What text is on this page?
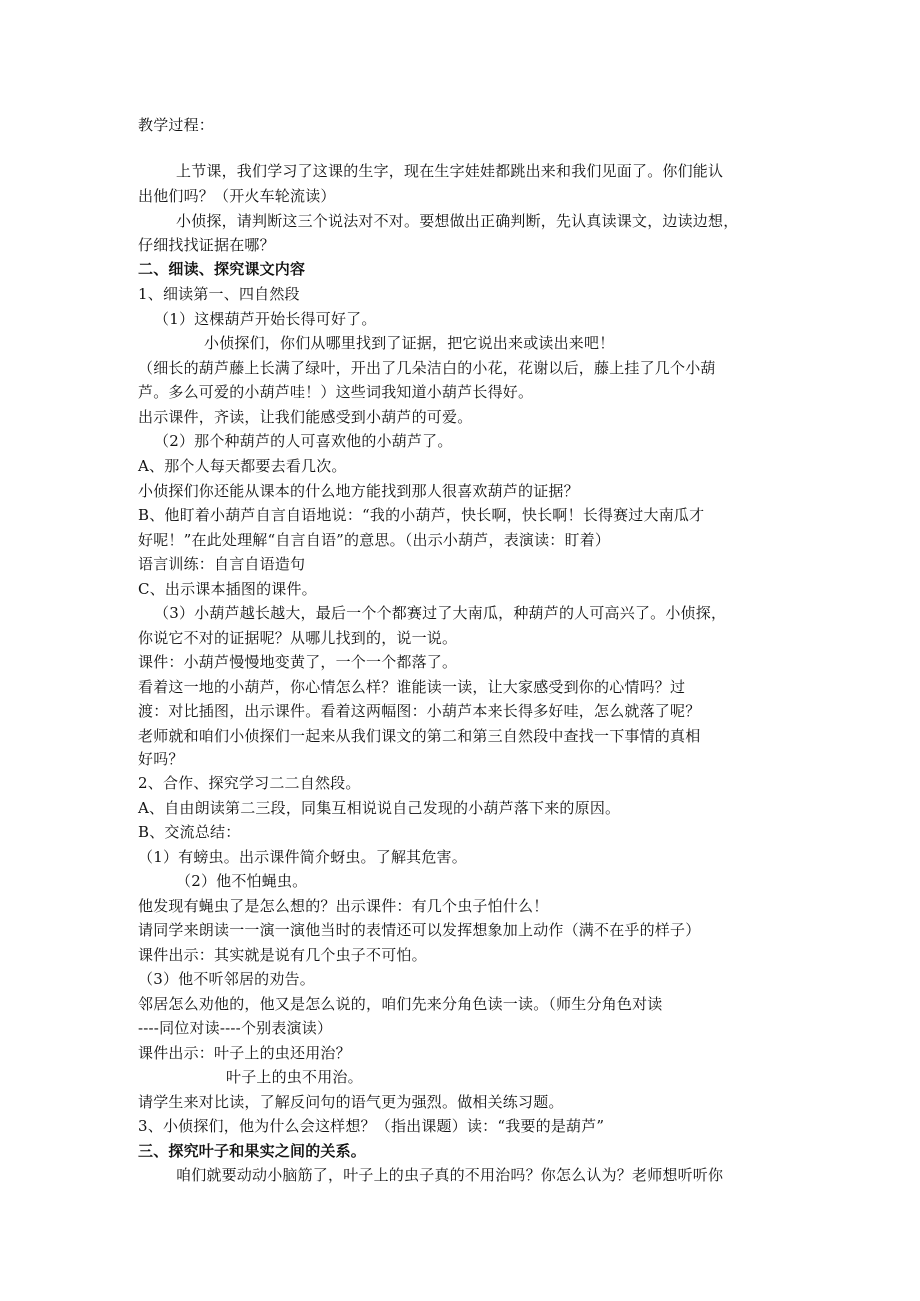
教学过程：
上节课，我们学习了这课的生字，现在生字娃娃都跳出来和我们见面了。你们能认
出他们吗？（开火车轮流读）
小侦探，请判断这三个说法对不对。要想做出正确判断，先认真读课文，边读边想，
仔细找找证据在哪？
二、细读、探究课文内容
1、细读第一、四自然段
（1）这棵葫芦开始长得可好了。
小侦探们，你们从哪里找到了证据，把它说出来或读出来吧！
（细长的葫芦藤上长满了绿叶，开出了几朵洁白的小花，花谢以后，藤上挂了几个小葫
芦。多么可爱的小葫芦哇！）这些词我知道小葫芦长得好。
出示课件，齐读，让我们能感受到小葫芦的可爱。
（2）那个种葫芦的人可喜欢他的小葫芦了。
A、那个人每天都要去看几次。
小侦探们你还能从课本的什么地方能找到那人很喜欢葫芦的证据？
B、他盯着小葫芦自言自语地说：“我的小葫芦，快长啊，快长啊！长得赛过大南瓜才
好呢！”在此处理解“自言自语”的意思。（出示小葫芦，表演读：盯着）
语言训练：自言自语造句
C、出示课本插图的课件。
（3）小葫芦越长越大，最后一个个都赛过了大南瓜，种葫芦的人可高兴了。小侦探，
你说它不对的证据呢？从哪儿找到的，说一说。
课件：小葫芦慢慢地变黄了，一个一个都落了。
看着这一地的小葫芦，你心情怎么样？谁能读一读，让大家感受到你的心情吗？过
渡：对比插图，出示课件。看着这两幅图：小葫芦本来长得多好哇，怎么就落了呢？
老师就和咱们小侦探们一起来从我们课文的第二和第三自然段中查找一下事情的真相
好吗？
2、合作、探究学习二二自然段。
A、自由朗读第二三段，同集互相说说自己发现的小葫芦落下来的原因。
B、交流总结：
（1）有螃虫。出示课件简介蚜虫。了解其危害。
（2）他不怕蝇虫。
他发现有蝇虫了是怎么想的？出示课件：有几个虫子怕什么！
请同学来朗读一一演一演他当时的表情还可以发挥想象加上动作（满不在乎的样子）
课件出示：其实就是说有几个虫子不可怕。
（3）他不听邻居的劝告。
邻居怎么劝他的，他又是怎么说的，咱们先来分角色读一读。（师生分角色对读
----同位对读----个别表演读）
课件出示：叶子上的虫还用治？
叶子上的虫不用治。
请学生来对比读，了解反问句的语气更为强烈。做相关练习题。
3、小侦探们，他为什么会这样想？（指出课题）读：“我要的是葫芦”
三、探究叶子和果实之间的关系。
咱们就要动动小脑筋了，叶子上的虫子真的不用治吗？你怎么认为？老师想听听你
